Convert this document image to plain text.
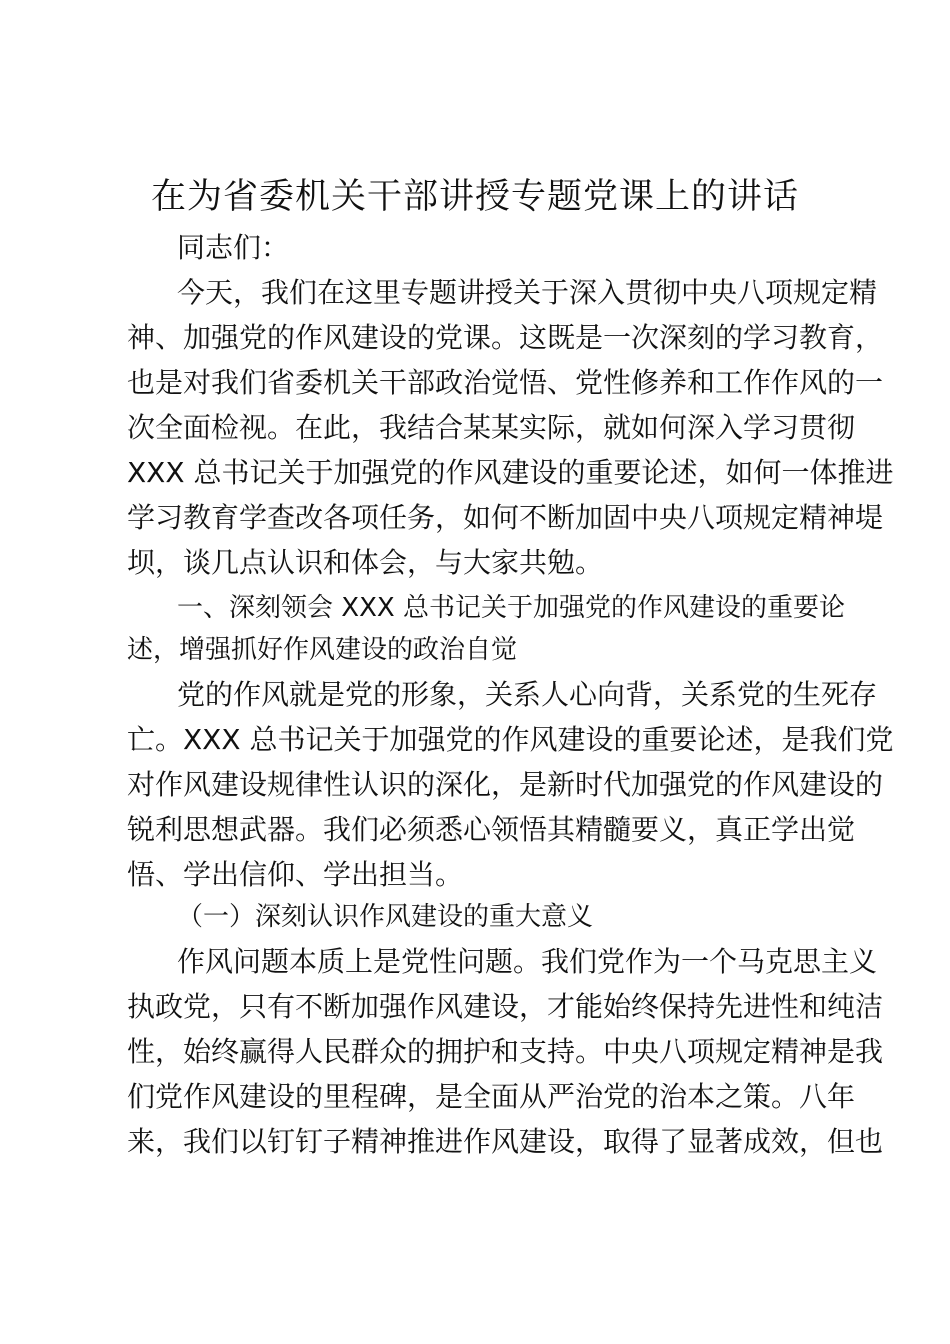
在为省委机关干部讲授专题党课上的讲话
同志们：
今天，我们在这里专题讲授关于深入贯彻中央八项规定精
神、加强党的作风建设的党课。这既是一次深刻的学习教育，
也是对我们省委机关干部政治觉悟、党性修养和工作作风的一
次全面检视。在此，我结合某某实际，就如何深入学习贯彻
XXX 总书记关于加强党的作风建设的重要论述，如何一体推进
学习教育学查改各项任务，如何不断加固中央八项规定精神堤
坝，谈几点认识和体会，与大家共勉。
一、深刻领会 XXX 总书记关于加强党的作风建设的重要论
述，增强抓好作风建设的政治自觉
党的作风就是党的形象，关系人心向背，关系党的生死存
亡。XXX 总书记关于加强党的作风建设的重要论述，是我们党
对作风建设规律性认识的深化，是新时代加强党的作风建设的
锐利思想武器。我们必须悉心领悟其精髓要义，真正学出觉
悟、学出信仰、学出担当。
（一）深刻认识作风建设的重大意义
作风问题本质上是党性问题。我们党作为一个马克思主义
执政党，只有不断加强作风建设，才能始终保持先进性和纯洁
性，始终赢得人民群众的拥护和支持。中央八项规定精神是我
们党作风建设的里程碑，是全面从严治党的治本之策。八年
来，我们以钉钉子精神推进作风建设，取得了显著成效，但也
